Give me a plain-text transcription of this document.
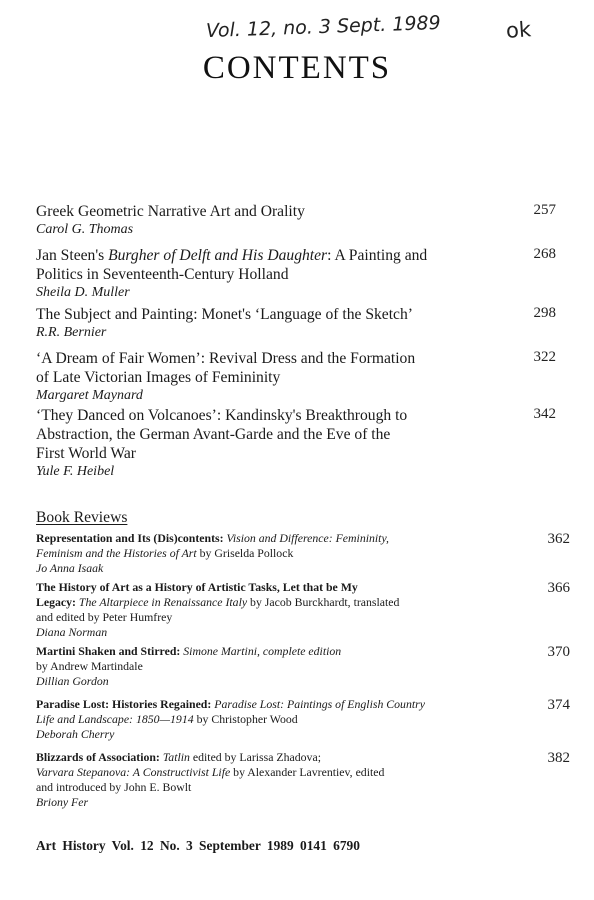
Vol. 12, no. 3 Sept. 1989	ok
CONTENTS
Greek Geometric Narrative Art and Orality
Carol G. Thomas
257
Jan Steen's Burgher of Delft and His Daughter: A Painting and
Politics in Seventeenth-Century Holland
Sheila D. Muller
268
The Subject and Painting: Monet's ‘Language of the Sketch’
R.R. Bernier
298
‘A Dream of Fair Women’: Revival Dress and the Formation
of Late Victorian Images of Femininity
Margaret Maynard
322
‘They Danced on Volcanoes’: Kandinsky's Breakthrough to
Abstraction, the German Avant-Garde and the Eve of the
First World War
Yule F. Heibel
342
Book Reviews
Representation and Its (Dis)contents: Vision and Difference: Femininity,
Feminism and the Histories of Art by Griselda Pollock
Jo Anna Isaak
362
The History of Art as a History of Artistic Tasks, Let that be My
Legacy: The Altarpiece in Renaissance Italy by Jacob Burckhardt, translated
and edited by Peter Humfrey
Diana Norman
366
Martini Shaken and Stirred: Simone Martini, complete edition
by Andrew Martindale
Dillian Gordon
370
Paradise Lost: Histories Regained: Paradise Lost: Paintings of English Country
Life and Landscape: 1850—1914 by Christopher Wood
Deborah Cherry
374
Blizzards of Association: Tatlin edited by Larissa Zhadova;
Varvara Stepanova: A Constructivist Life by Alexander Lavrentiev, edited
and introduced by John E. Bowlt
Briony Fer
382
Art History Vol. 12 No. 3 September 1989 0141 6790
